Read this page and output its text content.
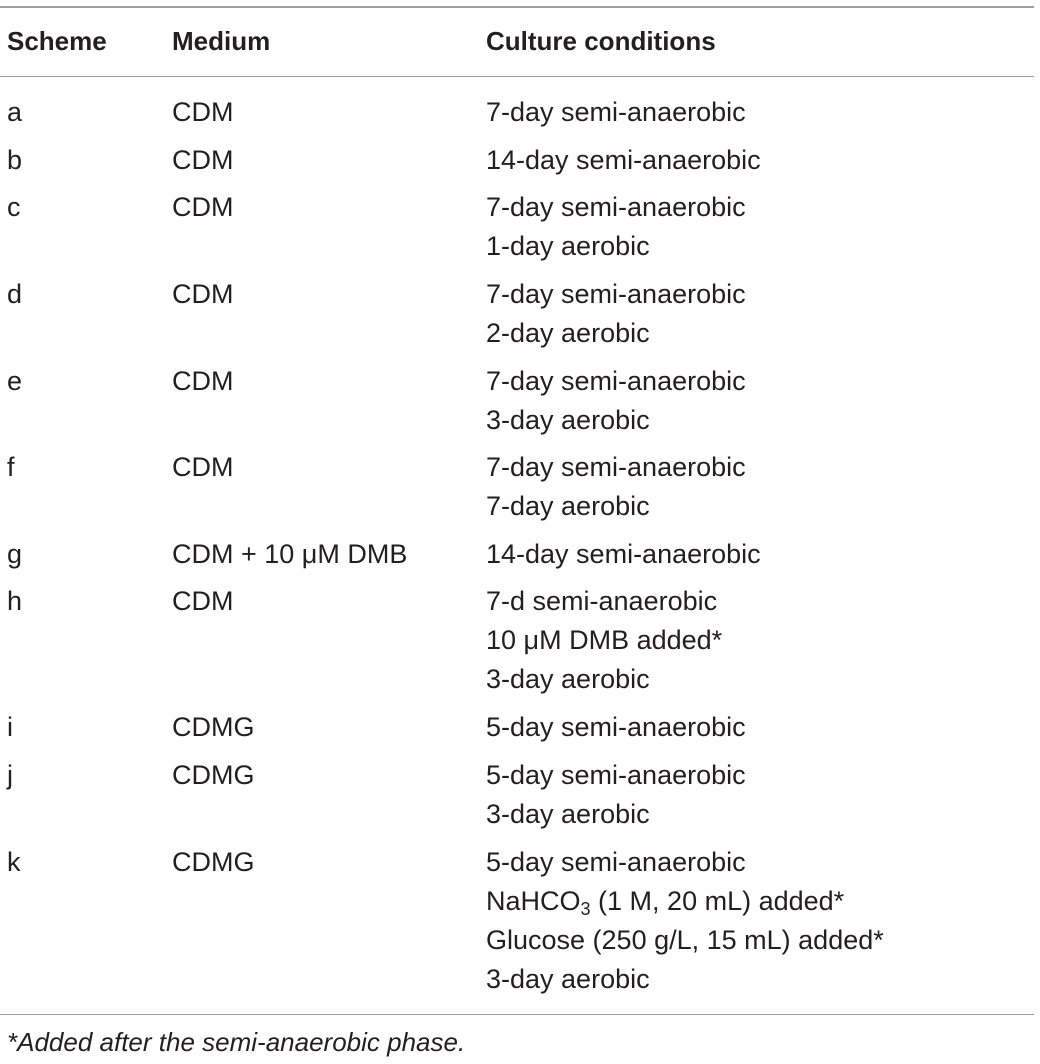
Scheme	Medium	Culture conditions
a	CDM	7-day semi-anaerobic
b	CDM	14-day semi-anaerobic
c	CDM	7-day semi-anaerobic
1-day aerobic
d	CDM	7-day semi-anaerobic
2-day aerobic
e	CDM	7-day semi-anaerobic
3-day aerobic
f	CDM	7-day semi-anaerobic
7-day aerobic
g	CDM + 10 μM DMB	14-day semi-anaerobic
h	CDM	7-d semi-anaerobic
10 μM DMB added*
3-day aerobic
i	CDMG	5-day semi-anaerobic
j	CDMG	5-day semi-anaerobic
3-day aerobic
k	CDMG	5-day semi-anaerobic
NaHCO$_3$ (1 M, 20 mL) added*
Glucose (250 g/L, 15 mL) added*
3-day aerobic
*Added after the semi-anaerobic phase.
